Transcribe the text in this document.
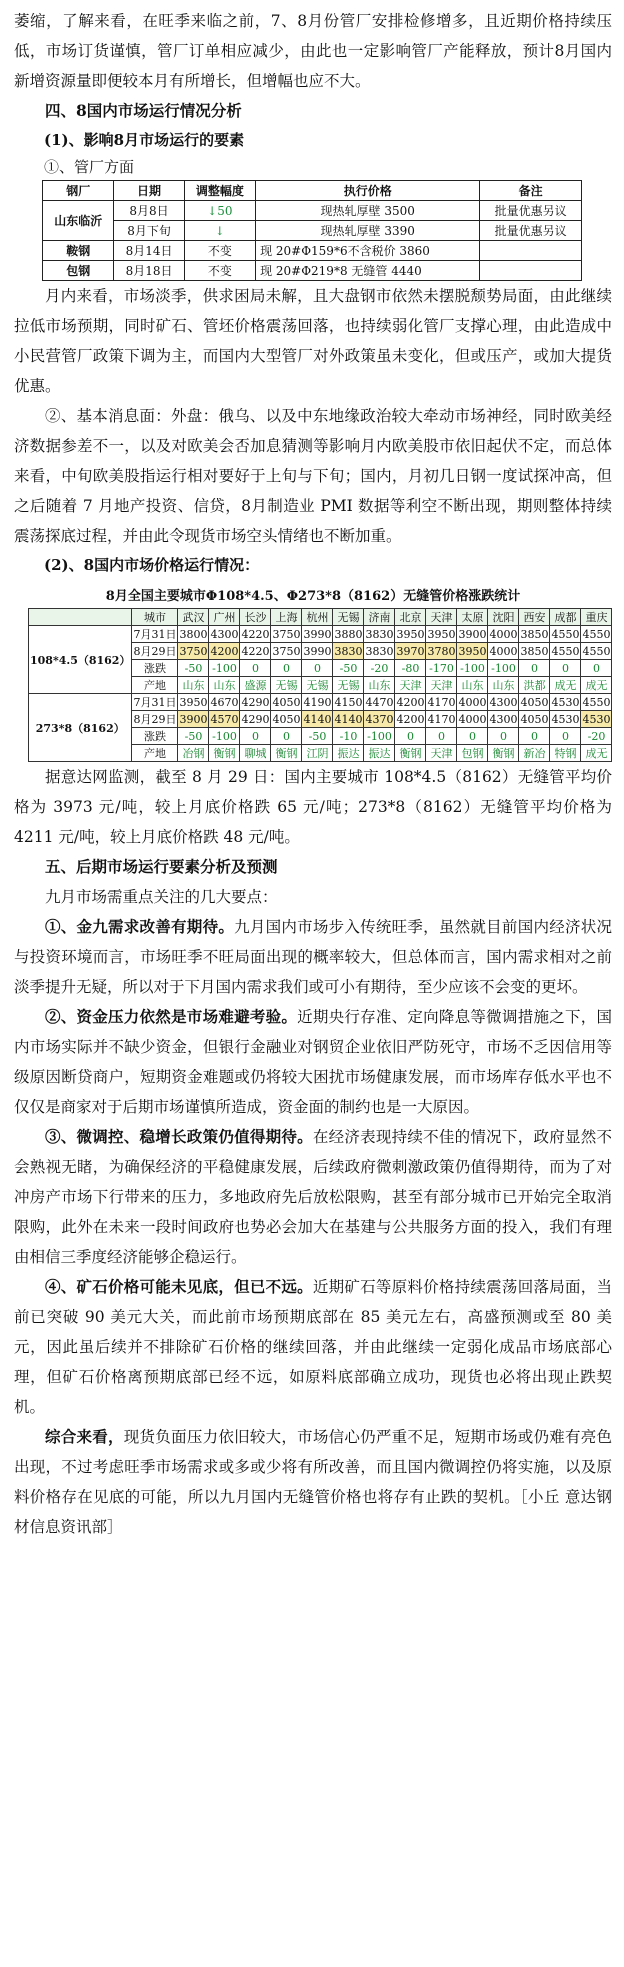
萎缩，了解来看，在旺季来临之前，7、8月份管厂安排检修增多，且近期价格持续压低，市场订货谨慎，管厂订单相应减少，由此也一定影响管厂产能释放，预计8月国内新增资源量即便较本月有所增长，但增幅也应不大。

四、8国内市场运行情况分析

(1)、影响8月市场运行的要素

①、管厂方面

钢厂	日期	调整幅度	执行价格	备注
山东临沂	8月8日	↓50	现热轧厚壁 3500	批量优惠另议
	8月下旬	↓	现热轧厚壁 3390	批量优惠另议
鞍钢	8月14日	不变	现 20#Φ159*6不含税价 3860	
包钢	8月18日	不变	现 20#Φ219*8 无缝管 4440	

月内来看，市场淡季，供求困局未解，且大盘钢市依然未摆脱颓势局面，由此继续拉低市场预期，同时矿石、管坯价格震荡回落，也持续弱化管厂支撑心理，由此造成中小民营管厂政策下调为主，而国内大型管厂对外政策虽未变化，但或压产，或加大提货优惠。

②、基本消息面：外盘：俄乌、以及中东地缘政治较大牵动市场神经，同时欧美经济数据参差不一，以及对欧美会否加息猜测等影响月内欧美股市依旧起伏不定，而总体来看，中旬欧美股指运行相对要好于上旬与下旬；国内，月初几日钢一度试探冲高，但之后随着 7 月地产投资、信贷，8月制造业 PMI 数据等利空不断出现，期则整体持续震荡探底过程，并由此令现货市场空头情绪也不断加重。

(2)、8国内市场价格运行情况：

8月全国主要城市Φ108*4.5、Φ273*8（8162）无缝管价格涨跌统计
	城市	武汉	广州	长沙	上海	杭州	无锡	济南	北京	天津	太原	沈阳	西安	成都	重庆
108*4.5（8162）	7月31日	3800	4300	4220	3750	3990	3880	3830	3950	3950	3900	4000	3850	4550	4550
	8月29日	3750	4200	4220	3750	3990	3830	3830	3970	3780	3950	4000	3850	4550	4550
	涨跌	-50	-100	0	0	0	-50	-20	-80	-170	-100	-100	0	0	0
	产地	山东	山东	盛源	无锡	无锡	无锡	山东	天津	天津	山东	山东	洪都	成无	成无
273*8（8162）	7月31日	3950	4670	4290	4050	4190	4150	4470	4200	4170	4000	4300	4050	4530	4550
	8月29日	3900	4570	4290	4050	4140	4140	4370	4200	4170	4000	4300	4050	4530	4530
	涨跌	-50	-100	0	0	-50	-10	-100	0	0	0	0	0	0	-20
	产地	冶钢	衡钢	聊城	衡钢	江阴	振达	振达	衡钢	天津	包钢	衡钢	新冶	特钢	成无

据意达网监测，截至 8 月 29 日：国内主要城市 108*4.5（8162）无缝管平均价格为 3973 元/吨，较上月底价格跌 65 元/吨；273*8（8162）无缝管平均价格为 4211 元/吨，较上月底价格跌 48 元/吨。

五、后期市场运行要素分析及预测

九月市场需重点关注的几大要点：

①、金九需求改善有期待。九月国内市场步入传统旺季，虽然就目前国内经济状况与投资环境而言，市场旺季不旺局面出现的概率较大，但总体而言，国内需求相对之前淡季提升无疑，所以对于下月国内需求我们或可小有期待，至少应该不会变的更坏。

②、资金压力依然是市场难避考验。近期央行存准、定向降息等微调措施之下，国内市场实际并不缺少资金，但银行金融业对钢贸企业依旧严防死守，市场不乏因信用等级原因断贷商户，短期资金难题或仍将较大困扰市场健康发展，而市场库存低水平也不仅仅是商家对于后期市场谨慎所造成，资金面的制约也是一大原因。

③、微调控、稳增长政策仍值得期待。在经济表现持续不佳的情况下，政府显然不会熟视无睹，为确保经济的平稳健康发展，后续政府微刺激政策仍值得期待，而为了对冲房产市场下行带来的压力，多地政府先后放松限购，甚至有部分城市已开始完全取消限购，此外在未来一段时间政府也势必会加大在基建与公共服务方面的投入，我们有理由相信三季度经济能够企稳运行。

④、矿石价格可能未见底，但已不远。近期矿石等原料价格持续震荡回落局面，当前已突破 90 美元大关，而此前市场预期底部在 85 美元左右，高盛预测或至 80 美元，因此虽后续并不排除矿石价格的继续回落，并由此继续一定弱化成品市场底部心理，但矿石价格离预期底部已经不远，如原料底部确立成功，现货也必将出现止跌契机。

综合来看，现货负面压力依旧较大，市场信心仍严重不足，短期市场或仍难有亮色出现，不过考虑旺季市场需求或多或少将有所改善，而且国内微调控仍将实施，以及原料价格存在见底的可能，所以九月国内无缝管价格也将存有止跌的契机。［小丘 意达钢材信息资讯部］
